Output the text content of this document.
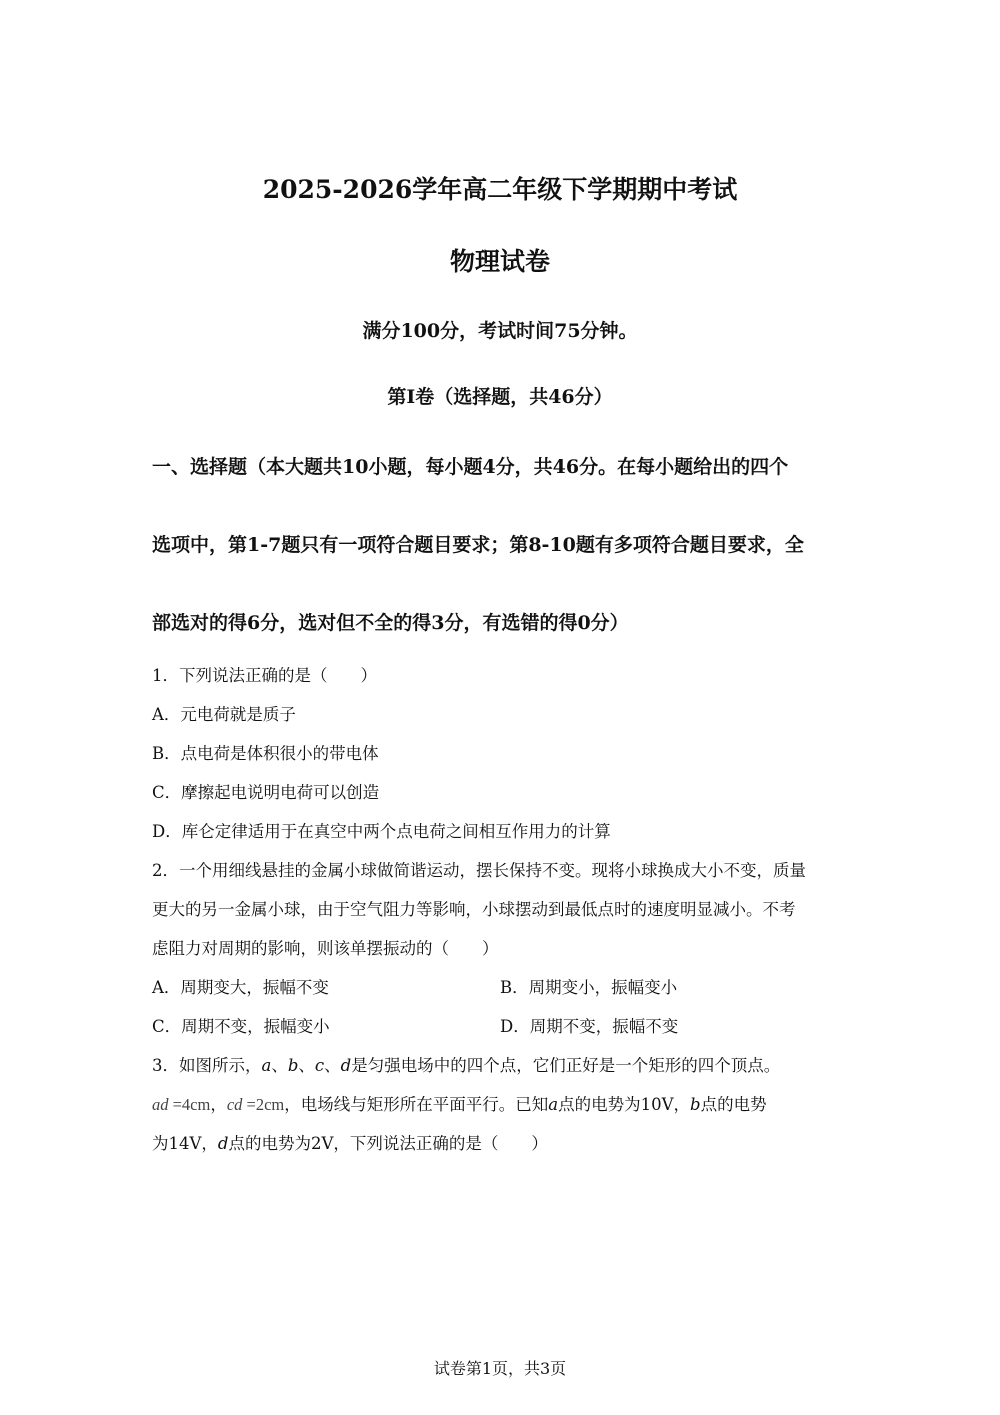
2025-2026学年高二年级下学期期中考试
物理试卷
满分100分，考试时间75分钟。
第I卷（选择题，共46分）
一、选择题（本大题共10小题，每小题4分，共46分。在每小题给出的四个
选项中，第1-7题只有一项符合题目要求；第8-10题有多项符合题目要求，全
部选对的得6分，选对但不全的得3分，有选错的得0分）
1．下列说法正确的是（　　）
A．元电荷就是质子
B．点电荷是体积很小的带电体
C．摩擦起电说明电荷可以创造
D．库仑定律适用于在真空中两个点电荷之间相互作用力的计算
2．一个用细线悬挂的金属小球做简谐运动，摆长保持不变。现将小球换成大小不变，质量
更大的另一金属小球，由于空气阻力等影响，小球摆动到最低点时的速度明显减小。不考
虑阻力对周期的影响，则该单摆振动的（　　）
A．周期变大，振幅不变	B．周期变小，振幅变小
C．周期不变，振幅变小	D．周期不变，振幅不变
3．如图所示，a、b、c、d是匀强电场中的四个点，它们正好是一个矩形的四个顶点。
ad =4cm，cd =2cm，电场线与矩形所在平面平行。已知a点的电势为10V，b点的电势
为14V，d点的电势为2V，下列说法正确的是（　　）
试卷第1页，共3页
